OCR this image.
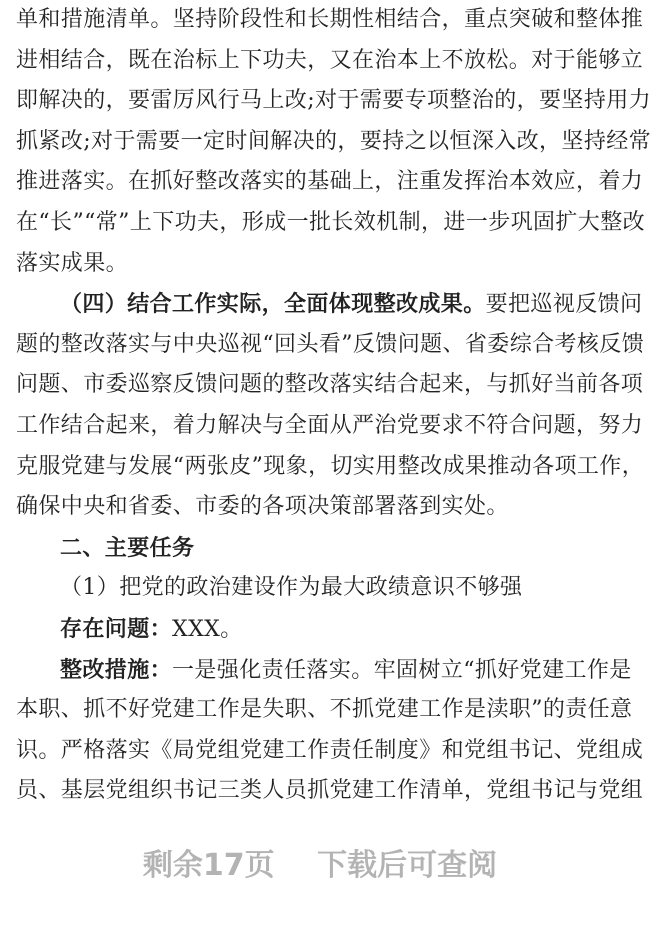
单和措施清单。坚持阶段性和长期性相结合，重点突破和整体推
进相结合，既在治标上下功夫，又在治本上不放松。对于能够立
即解决的，要雷厉风行马上改;对于需要专项整治的，要坚持用力
抓紧改;对于需要一定时间解决的，要持之以恒深入改，坚持经常
推进落实。在抓好整改落实的基础上，注重发挥治本效应，着力
在“长”“常”上下功夫，形成一批长效机制，进一步巩固扩大整改
落实成果。
（四）结合工作实际，全面体现整改成果。要把巡视反馈问
题的整改落实与中央巡视“回头看”反馈问题、省委综合考核反馈
问题、市委巡察反馈问题的整改落实结合起来，与抓好当前各项
工作结合起来，着力解决与全面从严治党要求不符合问题，努力
克服党建与发展“两张皮”现象，切实用整改成果推动各项工作，
确保中央和省委、市委的各项决策部署落到实处。
二、主要任务
（1）把党的政治建设作为最大政绩意识不够强
存在问题：XXX。
整改措施：一是强化责任落实。牢固树立“抓好党建工作是
本职、抓不好党建工作是失职、不抓党建工作是渎职”的责任意
识。严格落实《局党组党建工作责任制度》和党组书记、党组成
员、基层党组织书记三类人员抓党建工作清单，党组书记与党组
剩余17页 下载后可查阅
